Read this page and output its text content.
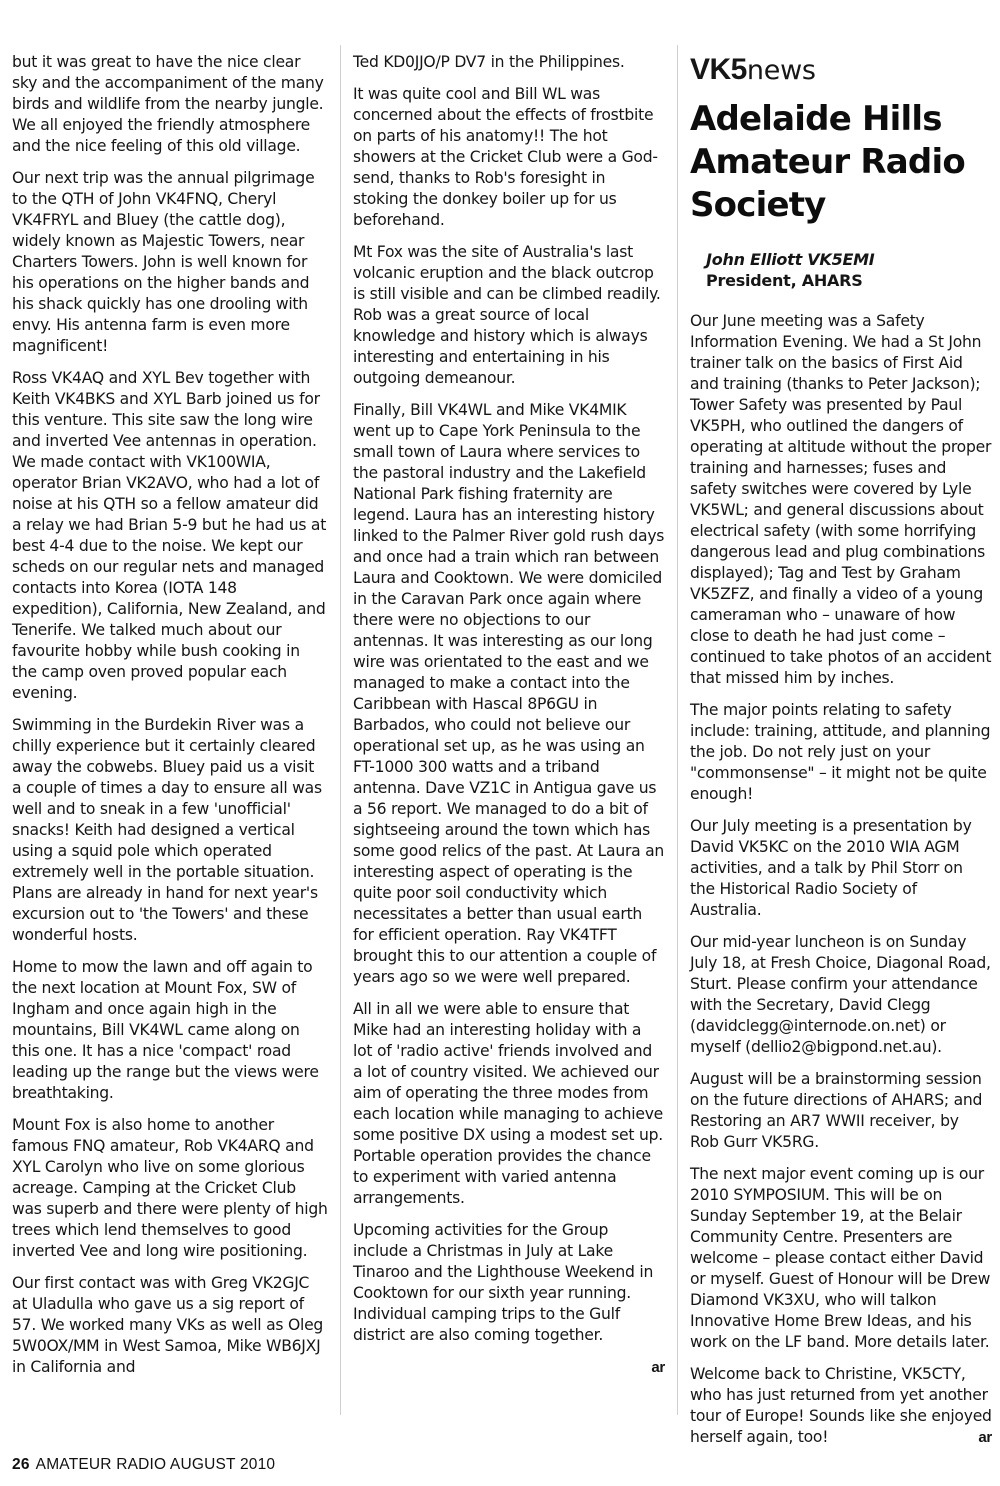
but it was great to have the nice clear sky and the accompaniment of the many birds and wildlife from the nearby jungle. We all enjoyed the friendly atmosphere and the nice feeling of this old village.

Our next trip was the annual pilgrimage to the QTH of John VK4FNQ, Cheryl VK4FRYL and Bluey (the cattle dog), widely known as Majestic Towers, near Charters Towers. John is well known for his operations on the higher bands and his shack quickly has one drooling with envy. His antenna farm is even more magnificent!

Ross VK4AQ and XYL Bev together with Keith VK4BKS and XYL Barb joined us for this venture. This site saw the long wire and inverted Vee antennas in operation. We made contact with VK100WIA, operator Brian VK2AVO, who had a lot of noise at his QTH so a fellow amateur did a relay we had Brian 5-9 but he had us at best 4-4 due to the noise. We kept our scheds on our regular nets and managed contacts into Korea (IOTA 148 expedition), California, New Zealand, and Tenerife. We talked much about our favourite hobby while bush cooking in the camp oven proved popular each evening.

Swimming in the Burdekin River was a chilly experience but it certainly cleared away the cobwebs. Bluey paid us a visit a couple of times a day to ensure all was well and to sneak in a few 'unofficial' snacks! Keith had designed a vertical using a squid pole which operated extremely well in the portable situation. Plans are already in hand for next year's excursion out to 'the Towers' and these wonderful hosts.

Home to mow the lawn and off again to the next location at Mount Fox, SW of Ingham and once again high in the mountains, Bill VK4WL came along on this one. It has a nice 'compact' road leading up the range but the views were breathtaking.

Mount Fox is also home to another famous FNQ amateur, Rob VK4ARQ and XYL Carolyn who live on some glorious acreage. Camping at the Cricket Club was superb and there were plenty of high trees which lend themselves to good inverted Vee and long wire positioning.

Our first contact was with Greg VK2GJC at Uladulla who gave us a sig report of 57. We worked many VKs as well as Oleg 5W0OX/MM in West Samoa, Mike WB6JXJ in California and

Ted KD0JJO/P DV7 in the Philippines.

It was quite cool and Bill WL was concerned about the effects of frostbite on parts of his anatomy!! The hot showers at the Cricket Club were a God-send, thanks to Rob's foresight in stoking the donkey boiler up for us beforehand.

Mt Fox was the site of Australia's last volcanic eruption and the black outcrop is still visible and can be climbed readily. Rob was a great source of local knowledge and history which is always interesting and entertaining in his outgoing demeanour.

Finally, Bill VK4WL and Mike VK4MIK went up to Cape York Peninsula to the small town of Laura where services to the pastoral industry and the Lakefield National Park fishing fraternity are legend. Laura has an interesting history linked to the Palmer River gold rush days and once had a train which ran between Laura and Cooktown. We were domiciled in the Caravan Park once again where there were no objections to our antennas. It was interesting as our long wire was orientated to the east and we managed to make a contact into the Caribbean with Hascal 8P6GU in Barbados, who could not believe our operational set up, as he was using an FT-1000 300 watts and a triband antenna. Dave VZ1C in Antigua gave us a 56 report. We managed to do a bit of sightseeing around the town which has some good relics of the past. At Laura an interesting aspect of operating is the quite poor soil conductivity which necessitates a better than usual earth for efficient operation. Ray VK4TFT brought this to our attention a couple of years ago so we were well prepared.

All in all we were able to ensure that Mike had an interesting holiday with a lot of 'radio active' friends involved and a lot of country visited. We achieved our aim of operating the three modes from each location while managing to achieve some positive DX using a modest set up. Portable operation provides the chance to experiment with varied antenna arrangements.

Upcoming activities for the Group include a Christmas in July at Lake Tinaroo and the Lighthouse Weekend in Cooktown for our sixth year running. Individual camping trips to the Gulf district are also coming together.

ar
VK5news
Adelaide Hills Amateur Radio Society
John Elliott VK5EMI
President, AHARS

Our June meeting was a Safety Information Evening. We had a St John trainer talk on the basics of First Aid and training (thanks to Peter Jackson); Tower Safety was presented by Paul VK5PH, who outlined the dangers of operating at altitude without the proper training and harnesses; fuses and safety switches were covered by Lyle VK5WL; and general discussions about electrical safety (with some horrifying dangerous lead and plug combinations displayed); Tag and Test by Graham VK5ZFZ, and finally a video of a young cameraman who – unaware of how close to death he had just come – continued to take photos of an accident that missed him by inches.

The major points relating to safety include: training, attitude, and planning the job. Do not rely just on your "commonsense" – it might not be quite enough!

Our July meeting is a presentation by David VK5KC on the 2010 WIA AGM activities, and a talk by Phil Storr on the Historical Radio Society of Australia.

Our mid-year luncheon is on Sunday July 18, at Fresh Choice, Diagonal Road, Sturt. Please confirm your attendance with the Secretary, David Clegg (davidclegg@internode.on.net) or myself (dellio2@bigpond.net.au).

August will be a brainstorming session on the future directions of AHARS; and Restoring an AR7 WWII receiver, by Rob Gurr VK5RG.

The next major event coming up is our 2010 SYMPOSIUM. This will be on Sunday September 19, at the Belair Community Centre. Presenters are welcome – please contact either David or myself. Guest of Honour will be Drew Diamond VK3XU, who will talkon Innovative Home Brew Ideas, and his work on the LF band. More details later.

Welcome back to Christine, VK5CTY, who has just returned from yet another tour of Europe! Sounds like she enjoyed herself again, too!	ar

26 AMATEUR RADIO AUGUST 2010
